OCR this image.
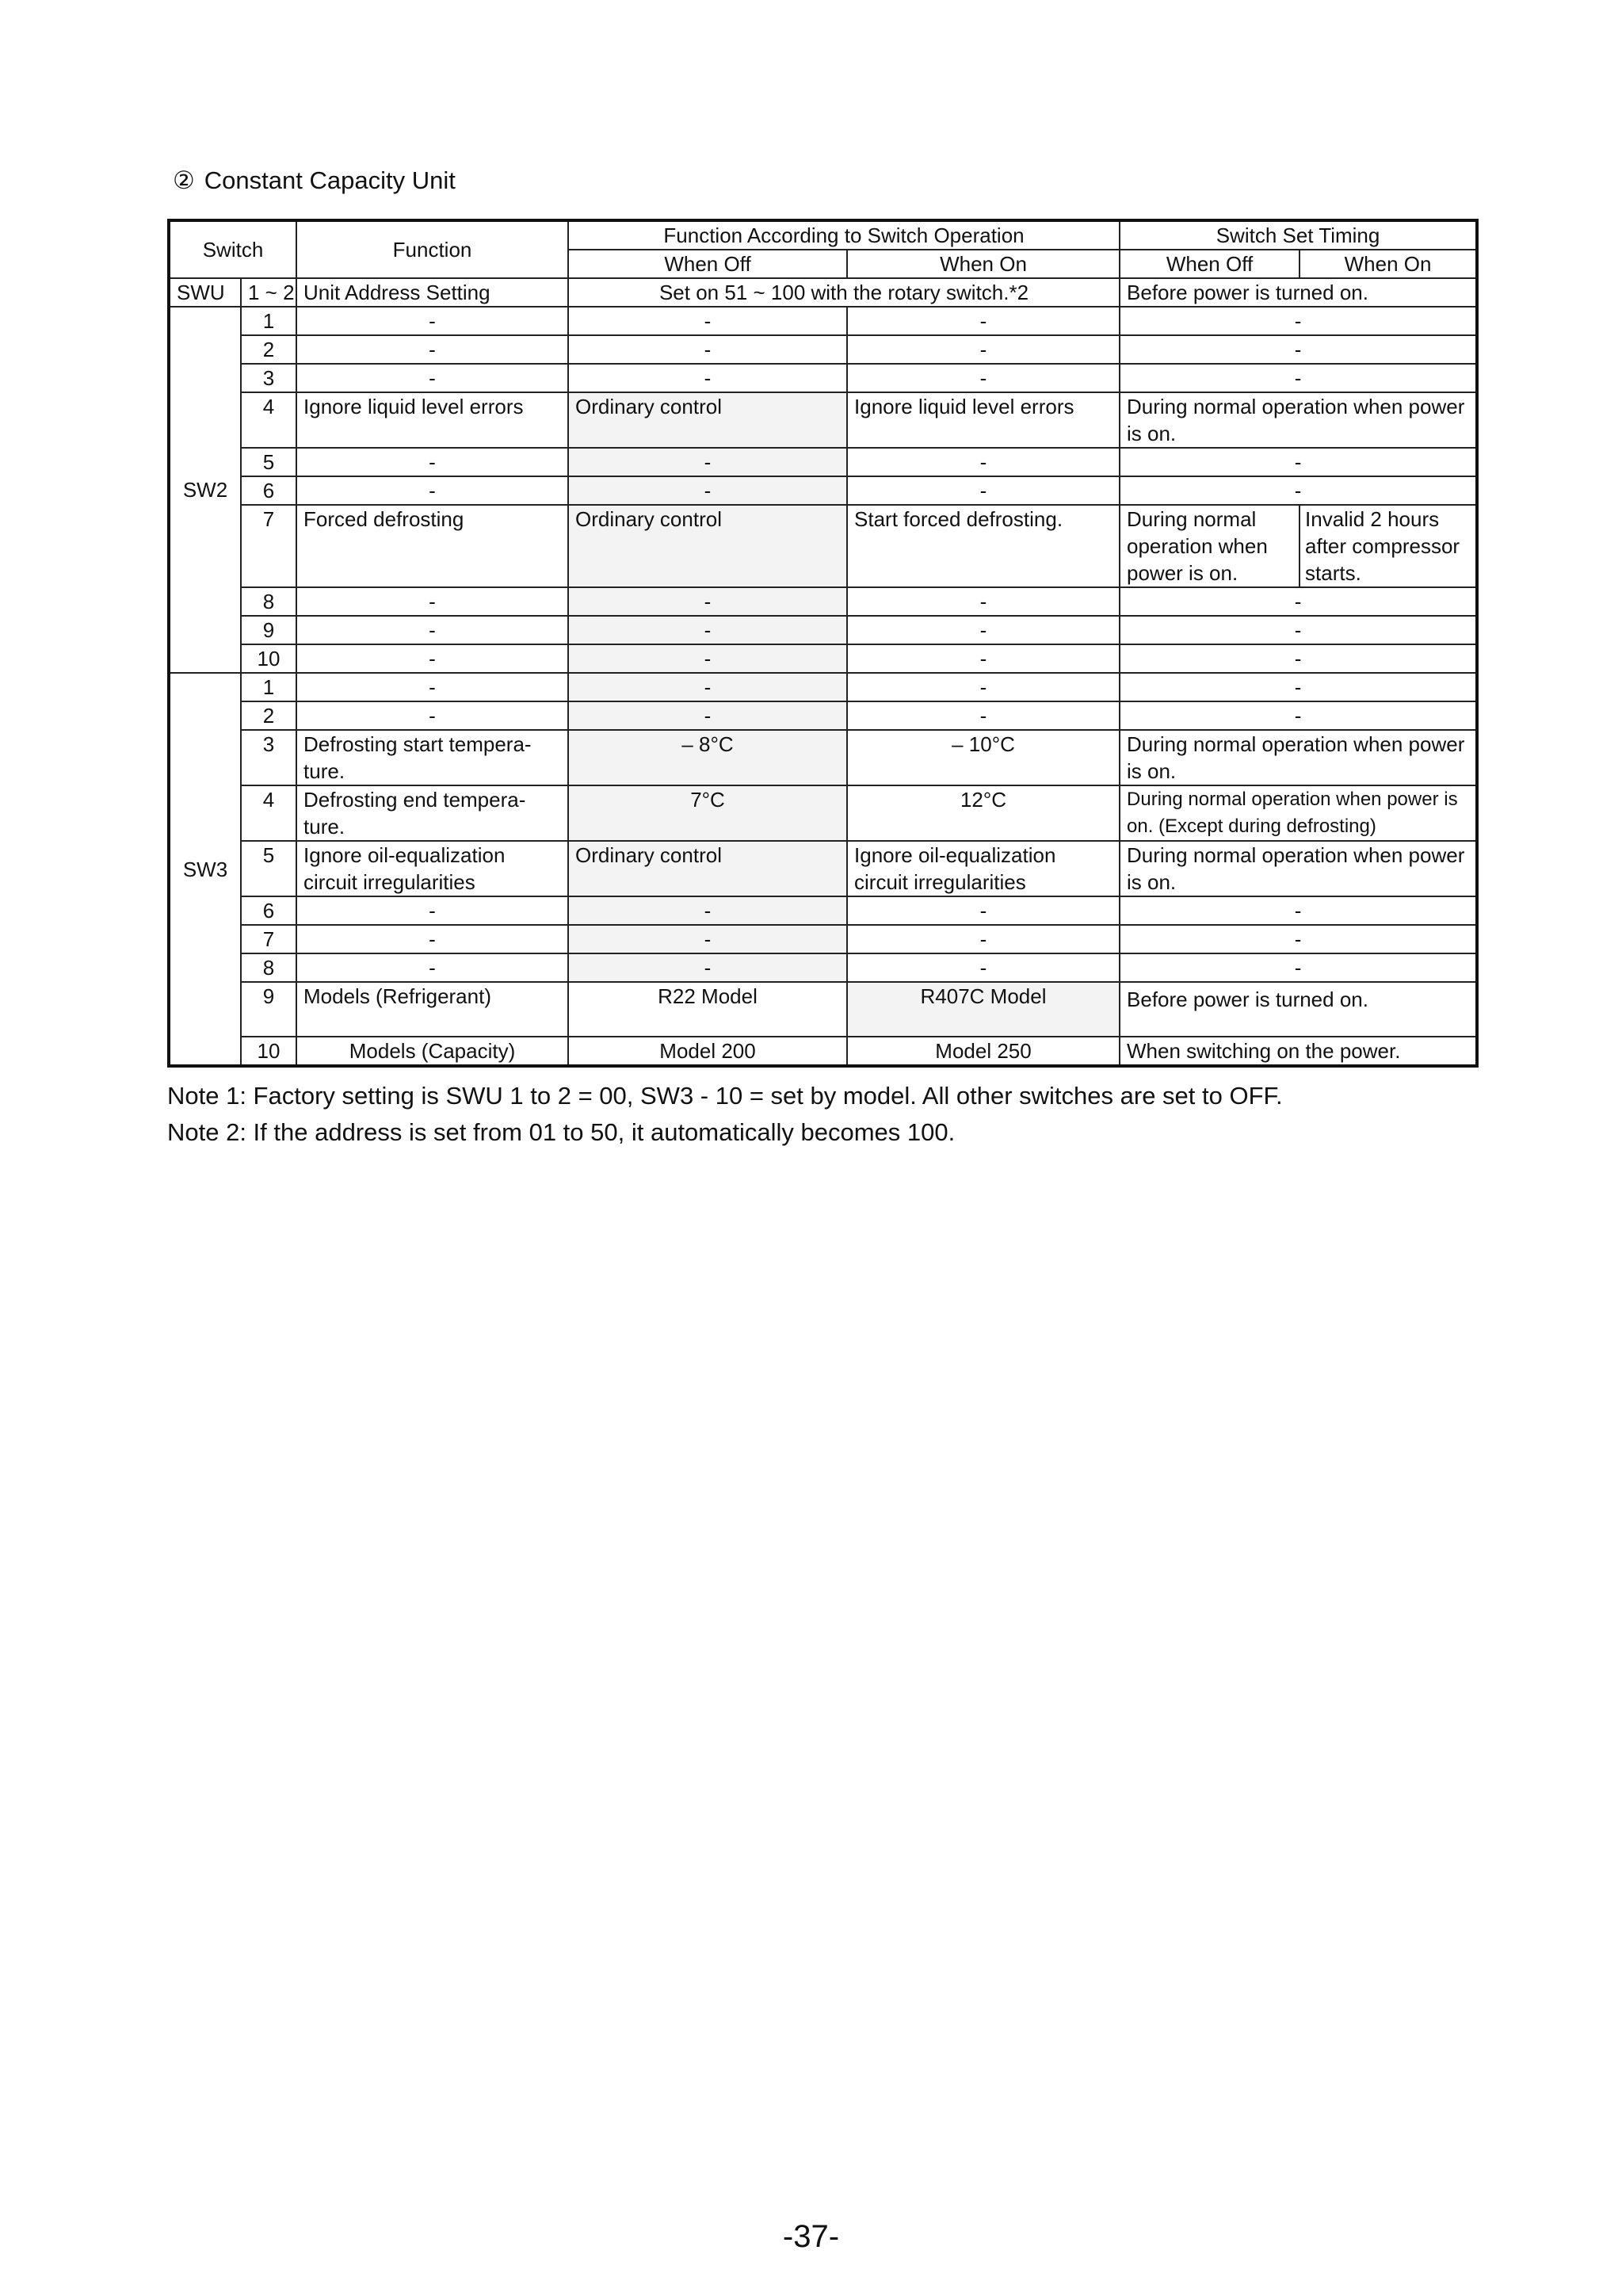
② Constant Capacity Unit
Switch		Function	Function According to Switch Operation		Switch Set Timing	
			When Off	When On	When Off	When On
SWU	1 ~ 2	Unit Address Setting	Set on 51 ~ 100 with the rotary switch.*2		Before power is turned on.	
SW2	1	-	-	-	-	
	2	-	-	-	-	
	3	-	-	-	-	
	4	Ignore liquid level errors	Ordinary control	Ignore liquid level errors	During normal operation when power is on.	
	5	-	-	-	-	
	6	-	-	-	-	
	7	Forced defrosting	Ordinary control	Start forced defrosting.	During normal operation when power is on.	Invalid 2 hours after compressor starts.
	8	-	-	-	-	
	9	-	-	-	-	
	10	-	-	-	-	
SW3	1	-	-	-	-	
	2	-	-	-	-	
	3	Defrosting start tempera-ture.	– 8°C	– 10°C	During normal operation when power is on.	
	4	Defrosting end tempera-ture.	7°C	12°C	During normal operation when power is on. (Except during defrosting)	
	5	Ignore oil-equalization circuit irregularities	Ordinary control	Ignore oil-equalization circuit irregularities	During normal operation when power is on.	
	6	-	-	-	-	
	7	-	-	-	-	
	8	-	-	-	-	
	9	Models (Refrigerant)	R22 Model	R407C Model	Before power is turned on.	
	10	Models (Capacity)	Model 200	Model 250	When switching on the power.	
Note 1: Factory setting is SWU 1 to 2 = 00, SW3 - 10 = set by model. All other switches are set to OFF.
Note 2: If the address is set from 01 to 50, it automatically becomes 100.
-37-
